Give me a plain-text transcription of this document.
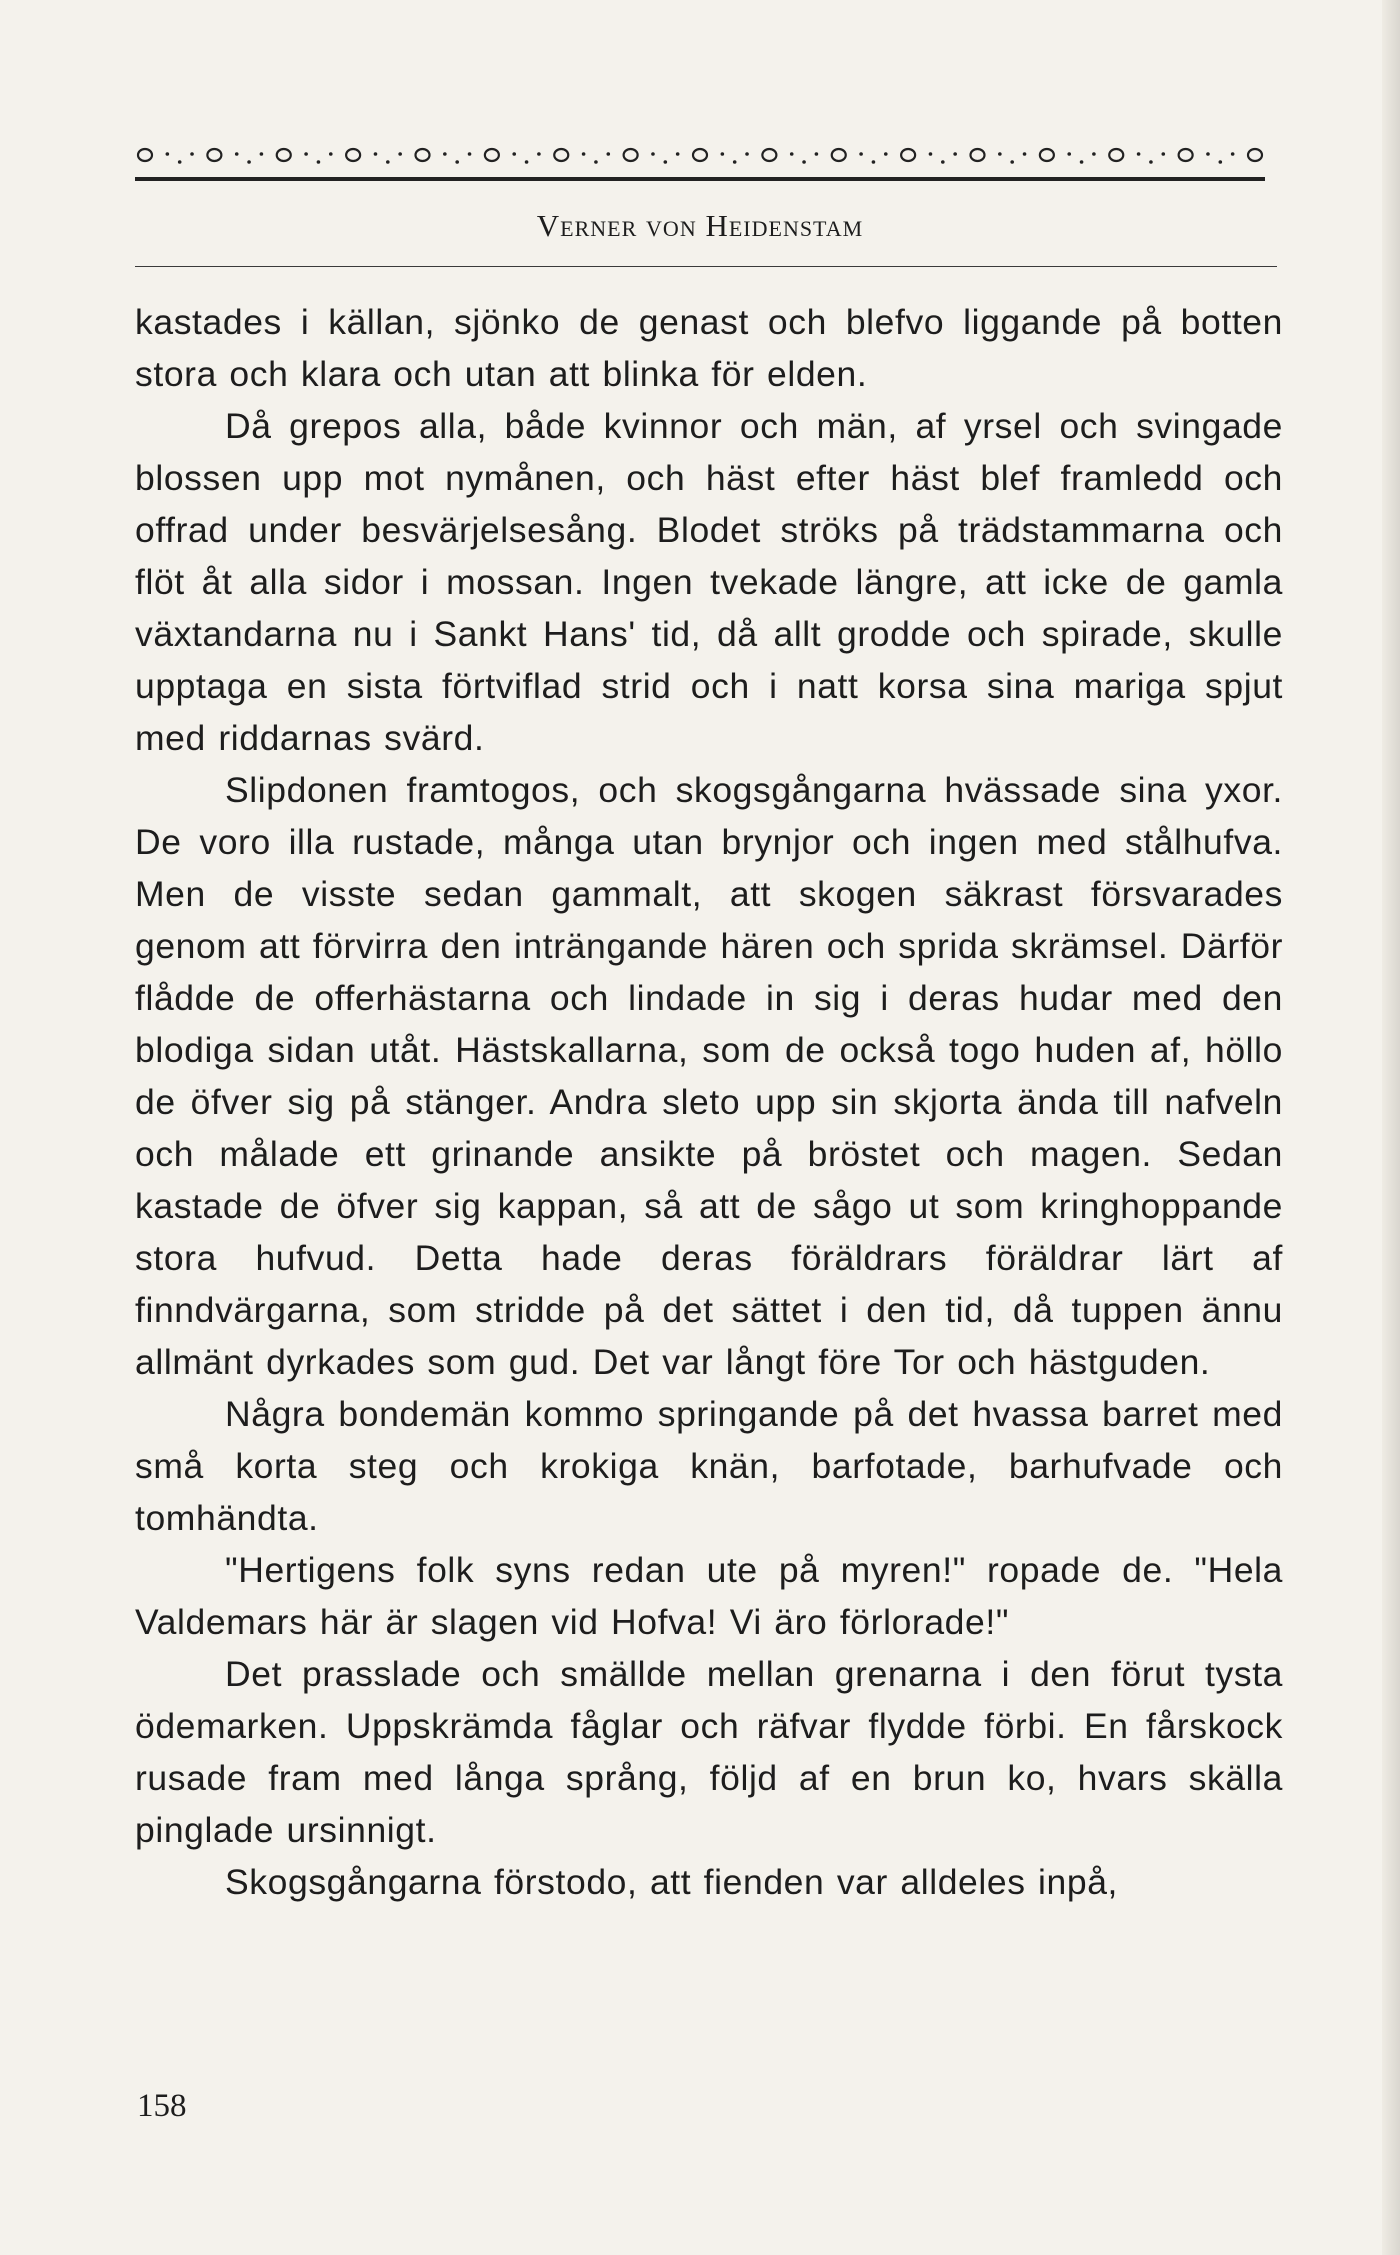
Verner von Heidenstam

kastades i källan, sjönko de genast och blefvo liggande på botten stora och klara och utan att blinka för elden.

Då grepos alla, både kvinnor och män, af yrsel och svingade blossen upp mot nymånen, och häst efter häst blef framledd och offrad under besvärjelsesång. Blodet ströks på trädstammarna och flöt åt alla sidor i mossan. Ingen tvekade längre, att icke de gamla växtandarna nu i Sankt Hans' tid, då allt grodde och spirade, skulle upptaga en sista förtviflad strid och i natt korsa sina mariga spjut med riddarnas svärd.

Slipdonen framtogos, och skogsgångarna hvässade sina yxor. De voro illa rustade, många utan brynjor och ingen med stålhufva. Men de visste sedan gammalt, att skogen säkrast försvarades genom att förvirra den inträngande hären och sprida skrämsel. Därför flådde de offerhästarna och lindade in sig i deras hudar med den blodiga sidan utåt. Hästskallarna, som de också togo huden af, höllo de öfver sig på stänger. Andra sleto upp sin skjorta ända till nafveln och målade ett grinande ansikte på bröstet och magen. Sedan kastade de öfver sig kappan, så att de sågo ut som kringhoppande stora hufvud. Detta hade deras föräldrars föräldrar lärt af finndvärgarna, som stridde på det sättet i den tid, då tuppen ännu allmänt dyrkades som gud. Det var långt före Tor och hästguden.

Några bondemän kommo springande på det hvassa barret med små korta steg och krokiga knän, barfotade, barhufvade och tomhändta.

"Hertigens folk syns redan ute på myren!" ropade de. "Hela Valdemars här är slagen vid Hofva! Vi äro förlorade!"

Det prasslade och smällde mellan grenarna i den förut tysta ödemarken. Uppskrämda fåglar och räfvar flydde förbi. En fårskock rusade fram med långa språng, följd af en brun ko, hvars skälla pinglade ursinnigt.

Skogsgångarna förstodo, att fienden var alldeles inpå,

158
